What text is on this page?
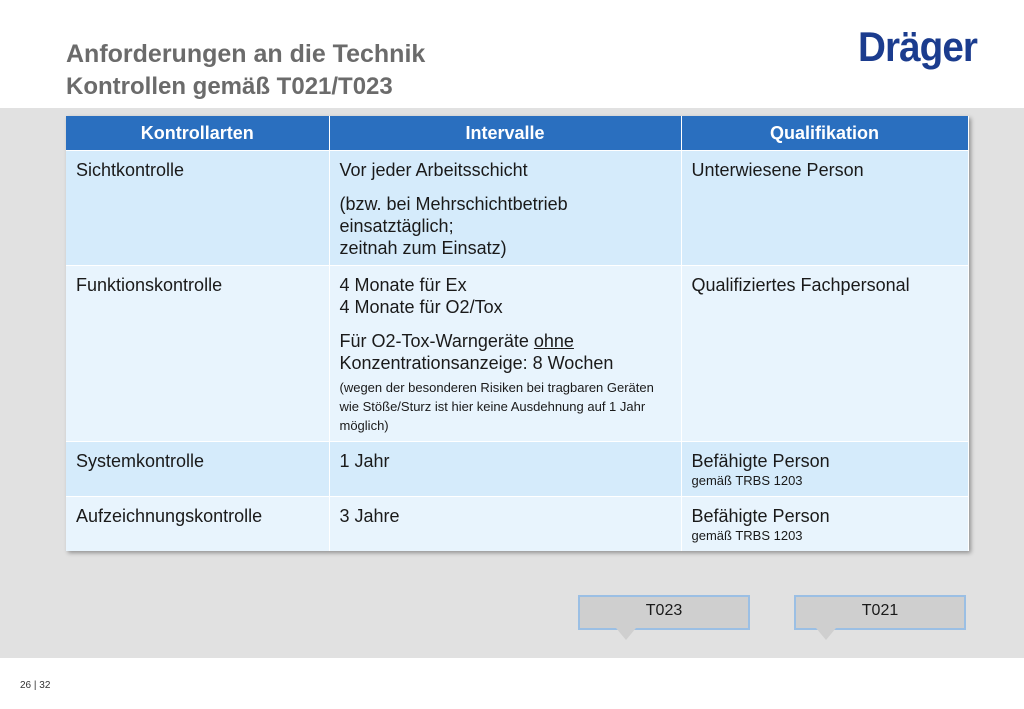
Anforderungen an die Technik
Kontrollen gemäß T021/T023
Dräger
Kontrollarten	Intervalle	Qualifikation

Sichtkontrolle	Vor jeder Arbeitsschicht

(bzw. bei Mehrschichtbetrieb einsatztäglich;

zeitnah zum Einsatz)	Unterwiesene Person

Funktionskontrolle	4 Monate für Ex

4 Monate für O2/Tox

Für O2-Tox-Warngeräte ohne

Konzentrationsanzeige: 8 Wochen

(wegen der besonderen Risiken bei tragbaren Geräten wie Stöße/Sturz ist hier keine Ausdehnung auf 1 Jahr möglich)	Qualifiziertes Fachpersonal

Systemkontrolle	1 Jahr	Befähigte Person

gemäß TRBS 1203

Aufzeichnungskontrolle	3 Jahre	Befähigte Person

gemäß TRBS 1203

T023	T021
26 | 32
